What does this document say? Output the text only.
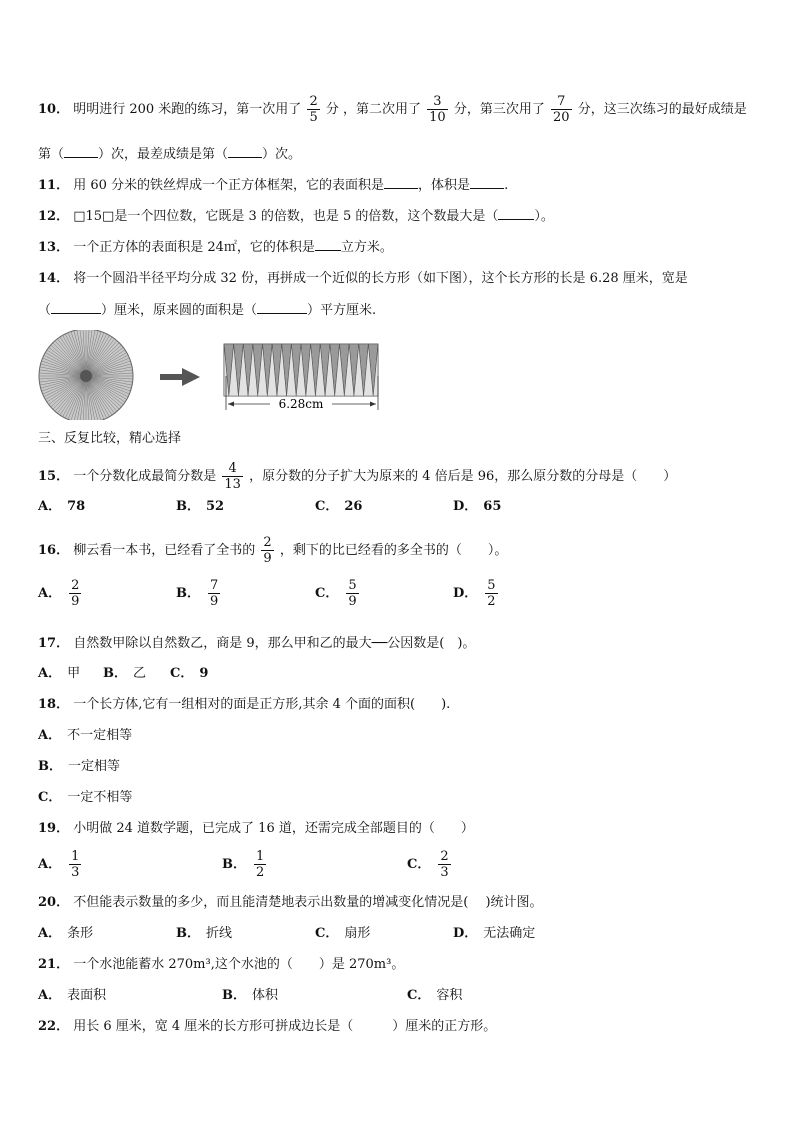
10． 明明进行 200 米跑的练习，第一次用了 $\frac{2}{5}$ 分 ，第二次用了 $\frac{3}{10}$ 分，第三次用了 $\frac{7}{20}$ 分，这三次练习的最好成绩是
第（	）次，最差成绩是第（	）次。
11． 用 60 分米的铁丝焊成一个正方体框架，它的表面积是	，体积是	.
12． □15□是一个四位数，它既是 3 的倍数，也是 5 的倍数，这个数最大是（	）。
13． 一个正方体的表面积是 24㎡，它的体积是 立方米。
14． 将一个圆沿半径平均分成 32 份，再拼成一个近似的长方形（如下图），这个长方形的长是 6.28 厘米，宽是
（	）厘米，原来圆的面积是（	）平方厘米.
6.28cm
三、反复比较，精心选择
15． 一个分数化成最简分数是 $\frac{4}{13}$ ，原分数的分子扩大为原来的 4 倍后是 96，那么原分数的分母是（　　）
A． 78	B． 52	C． 26	D． 65
16． 柳云看一本书，已经看了全书的 $\frac{2}{9}$ ，剩下的比已经看的多全书的（　　）。
A． $\frac{2}{9}$	B． $\frac{7}{9}$	C． $\frac{5}{9}$	D． $\frac{5}{2}$
17． 自然数甲除以自然数乙，商是 9，那么甲和乙的最大──公因数是(　)。
A． 甲 B． 乙 C． 9
18． 一个长方体,它有一组相对的面是正方形,其余 4 个面的面积(　　).
A． 不一定相等
B． 一定相等
C． 一定不相等
19． 小明做 24 道数学题，已完成了 16 道，还需完成全部题目的（　　）
A． $\frac{1}{3}$	B． $\frac{1}{2}$	C． $\frac{2}{3}$
20． 不但能表示数量的多少，而且能清楚地表示出数量的增减变化情况是(　 )统计图。
A． 条形	B． 折线	C． 扇形	D． 无法确定
21． 一个水池能蓄水 270m³,这个水池的（　　）是 270m³。
A． 表面积	B． 体积	C． 容积
22． 用长 6 厘米，宽 4 厘米的长方形可拼成边长是（　　　）厘米的正方形。
